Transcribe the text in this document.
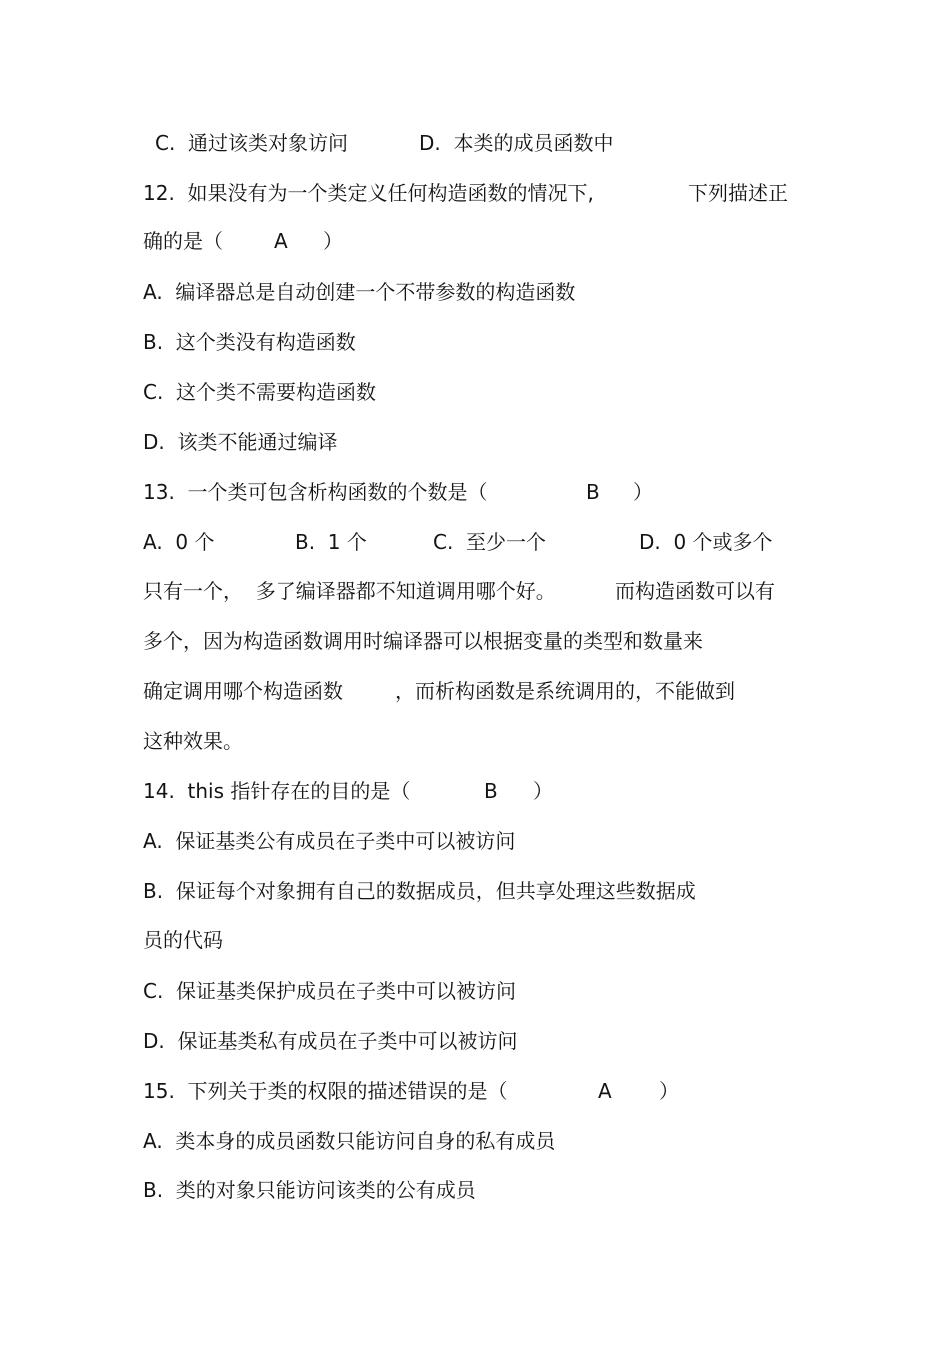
C.  通过该类对象访问

	D.  本类的成员函数中

12.  如果没有为一个类定义任何构造函数的情况下,

	下列描述正

确的是（

	A

）

A.  编译器总是自动创建一个不带参数的构造函数

B.  这个类没有构造函数

C.  这个类不需要构造函数

D.  该类不能通过编译

13.  一个类可包含析构函数的个数是（

	B

）

A.  0 个

	B.  1 个

	C.  至少一个

	D.  0 个或多个

只有一个，  多了编译器都不知道调用哪个好。

	而构造函数可以有

多个，因为构造函数调用时编译器可以根据变量的类型和数量来

确定调用哪个构造函数

	，而析构函数是系统调用的，不能做到

这种效果。

14.  this 指针存在的目的是（

	B

）

A.  保证基类公有成员在子类中可以被访问

B.  保证每个对象拥有自己的数据成员，但共享处理这些数据成

员的代码

C.  保证基类保护成员在子类中可以被访问

D.  保证基类私有成员在子类中可以被访问

15.  下列关于类的权限的描述错误的是（

	A

）

A.  类本身的成员函数只能访问自身的私有成员

B.  类的对象只能访问该类的公有成员
